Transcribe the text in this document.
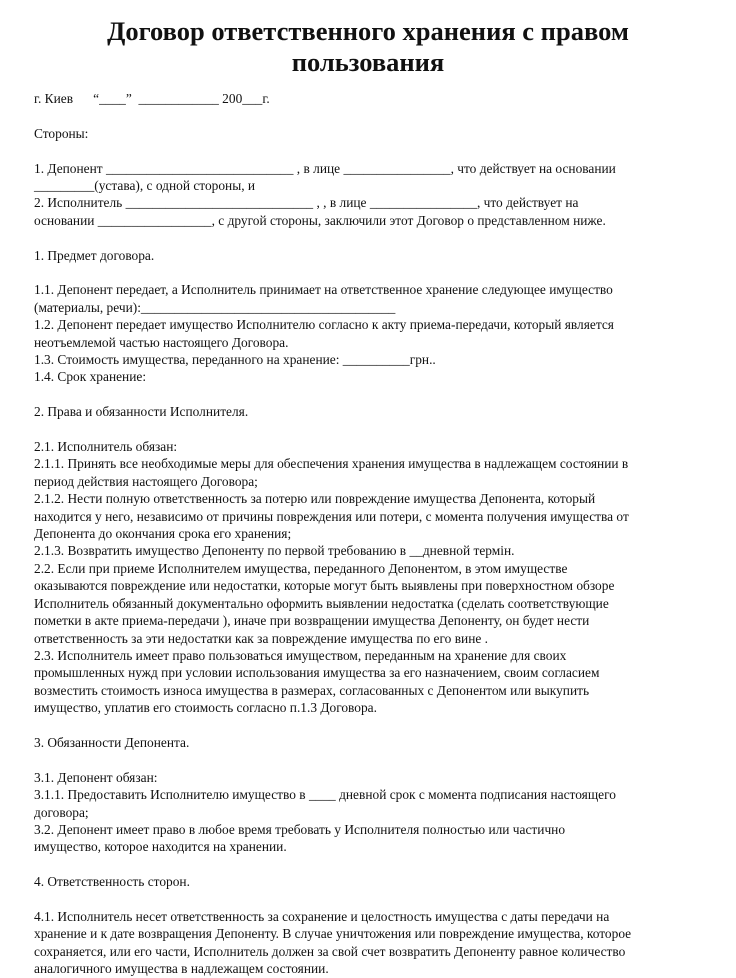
Договор ответственного хранения с правом
пользования

г. Киев      “____”  ____________ 200___г.

Стороны:

1. Депонент ____________________________ , в лице ________________, что действует на основании

_________(устава), с одной стороны, и

2. Исполнитель ____________________________ , , в лице ________________, что действует на

основании _________________, с другой стороны, заключили этот Договор о представленном ниже.

1. Предмет договора.

1.1. Депонент передает, а Исполнитель принимает на ответственное хранение следующее имущество

(материалы, речи):______________________________________

1.2. Депонент передает имущество Исполнителю согласно к акту приема-передачи, который является

неотъемлемой частью настоящего Договора.

1.3. Стоимость имущества, переданного на хранение: __________грн..

1.4. Срок хранение:

2. Права и обязанности Исполнителя.

2.1. Исполнитель обязан:

2.1.1. Принять все необходимые меры для обеспечения хранения имущества в надлежащем состоянии в

период действия настоящего Договора;

2.1.2. Нести полную ответственность за потерю или повреждение имущества Депонента, который

находится у него, независимо от причины повреждения или потери, с момента получения имущества от

Депонента до окончания срока его хранения;

2.1.3. Возвратить имущество Депоненту по первой требованию в __дневной термін.

2.2. Если при приеме Исполнителем имущества, переданного Депонентом, в этом имуществе

оказываются повреждение или недостатки, которые могут быть выявлены при поверхностном обзоре

Исполнитель обязанный документально оформить выявлении недостатка (сделать соответствующие

пометки в акте приема-передачи ), иначе при возвращении имущества Депоненту, он будет нести

ответственность за эти недостатки как за повреждение имущества по его вине .

2.3. Исполнитель имеет право пользоваться имуществом, переданным на хранение для своих

промышленных нужд при условии использования имущества за его назначением, своим согласием

возместить стоимость износа имущества в размерах, согласованных с Депонентом или выкупить

имущество, уплатив его стоимость согласно п.1.3 Договора.

3. Обязанности Депонента.

3.1. Депонент обязан:

3.1.1. Предоставить Исполнителю имущество в ____ дневной срок с момента подписания настоящего

договора;

3.2. Депонент имеет право в любое время требовать у Исполнителя полностью или частично

имущество, которое находится на хранении.

4. Ответственность сторон.

4.1. Исполнитель несет ответственность за сохранение и целостность имущества с даты передачи на

хранение и к дате возвращения Депоненту. В случае уничтожения или повреждение имущества, которое

сохраняется, или его части, Исполнитель должен за свой счет возвратить Депоненту равное количество

аналогичного имущества в надлежащем состоянии.
